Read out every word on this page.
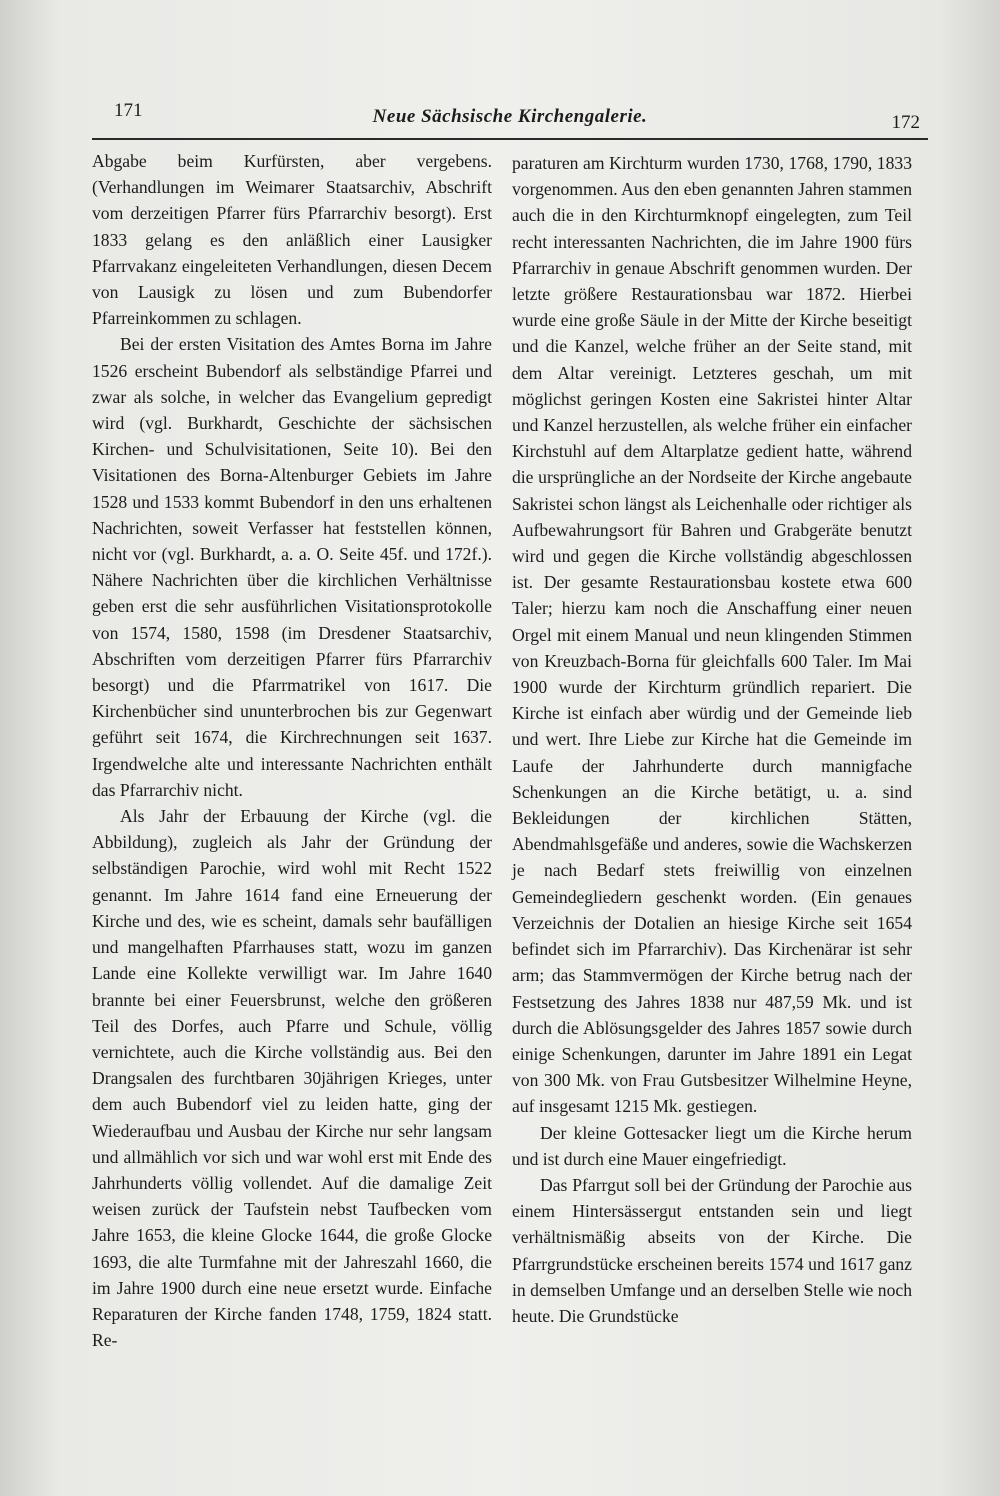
171	Neue Sächsische Kirchengalerie.	172

Abgabe beim Kurfürsten, aber vergebens. (Verhandlungen im Weimarer Staatsarchiv, Abschrift vom derzeitigen Pfarrer fürs Pfarrarchiv besorgt). Erst 1833 gelang es den anläßlich einer Lausigker Pfarrvakanz eingeleiteten Verhandlungen, diesen Decem von Lausigk zu lösen und zum Bubendorfer Pfarreinkommen zu schlagen.

Bei der ersten Visitation des Amtes Borna im Jahre 1526 erscheint Bubendorf als selbständige Pfarrei und zwar als solche, in welcher das Evangelium gepredigt wird (vgl. Burkhardt, Geschichte der sächsischen Kirchen- und Schulvisitationen, Seite 10). Bei den Visitationen des Borna-Altenburger Gebiets im Jahre 1528 und 1533 kommt Bubendorf in den uns erhaltenen Nachrichten, soweit Verfasser hat feststellen können, nicht vor (vgl. Burkhardt, a. a. O. Seite 45f. und 172f.). Nähere Nachrichten über die kirchlichen Verhältnisse geben erst die sehr ausführlichen Visitationsprotokolle von 1574, 1580, 1598 (im Dresdener Staatsarchiv, Abschriften vom derzeitigen Pfarrer fürs Pfarrarchiv besorgt) und die Pfarrmatrikel von 1617. Die Kirchenbücher sind ununterbrochen bis zur Gegenwart geführt seit 1674, die Kirchrechnungen seit 1637. Irgendwelche alte und interessante Nachrichten enthält das Pfarrarchiv nicht.

Als Jahr der Erbauung der Kirche (vgl. die Abbildung), zugleich als Jahr der Gründung der selbständigen Parochie, wird wohl mit Recht 1522 genannt. Im Jahre 1614 fand eine Erneuerung der Kirche und des, wie es scheint, damals sehr baufälligen und mangelhaften Pfarrhauses statt, wozu im ganzen Lande eine Kollekte verwilligt war. Im Jahre 1640 brannte bei einer Feuersbrunst, welche den größeren Teil des Dorfes, auch Pfarre und Schule, völlig vernichtete, auch die Kirche vollständig aus. Bei den Drangsalen des furchtbaren 30jährigen Krieges, unter dem auch Bubendorf viel zu leiden hatte, ging der Wiederaufbau und Ausbau der Kirche nur sehr langsam und allmählich vor sich und war wohl erst mit Ende des Jahrhunderts völlig vollendet. Auf die damalige Zeit weisen zurück der Taufstein nebst Taufbecken vom Jahre 1653, die kleine Glocke 1644, die große Glocke 1693, die alte Turmfahne mit der Jahreszahl 1660, die im Jahre 1900 durch eine neue ersetzt wurde. Einfache Reparaturen der Kirche fanden 1748, 1759, 1824 statt. Re-

paraturen am Kirchturm wurden 1730, 1768, 1790, 1833 vorgenommen. Aus den eben genannten Jahren stammen auch die in den Kirchturmknopf eingelegten, zum Teil recht interessanten Nachrichten, die im Jahre 1900 fürs Pfarrarchiv in genaue Abschrift genommen wurden. Der letzte größere Restaurationsbau war 1872. Hierbei wurde eine große Säule in der Mitte der Kirche beseitigt und die Kanzel, welche früher an der Seite stand, mit dem Altar vereinigt. Letzteres geschah, um mit möglichst geringen Kosten eine Sakristei hinter Altar und Kanzel herzustellen, als welche früher ein einfacher Kirchstuhl auf dem Altarplatze gedient hatte, während die ursprüngliche an der Nordseite der Kirche angebaute Sakristei schon längst als Leichenhalle oder richtiger als Aufbewahrungsort für Bahren und Grabgeräte benutzt wird und gegen die Kirche vollständig abgeschlossen ist. Der gesamte Restaurationsbau kostete etwa 600 Taler; hierzu kam noch die Anschaffung einer neuen Orgel mit einem Manual und neun klingenden Stimmen von Kreuzbach-Borna für gleichfalls 600 Taler. Im Mai 1900 wurde der Kirchturm gründlich repariert. Die Kirche ist einfach aber würdig und der Gemeinde lieb und wert. Ihre Liebe zur Kirche hat die Gemeinde im Laufe der Jahrhunderte durch mannigfache Schenkungen an die Kirche betätigt, u. a. sind Bekleidungen der kirchlichen Stätten, Abendmahlsgefäße und anderes, sowie die Wachskerzen je nach Bedarf stets freiwillig von einzelnen Gemeindegliedern geschenkt worden. (Ein genaues Verzeichnis der Dotalien an hiesige Kirche seit 1654 befindet sich im Pfarrarchiv). Das Kirchenärar ist sehr arm; das Stammvermögen der Kirche betrug nach der Festsetzung des Jahres 1838 nur 487,59 Mk. und ist durch die Ablösungsgelder des Jahres 1857 sowie durch einige Schenkungen, darunter im Jahre 1891 ein Legat von 300 Mk. von Frau Gutsbesitzer Wilhelmine Heyne, auf insgesamt 1215 Mk. gestiegen.

Der kleine Gottesacker liegt um die Kirche herum und ist durch eine Mauer eingefriedigt.

Das Pfarrgut soll bei der Gründung der Parochie aus einem Hintersässergut entstanden sein und liegt verhältnismäßig abseits von der Kirche. Die Pfarrgrundstücke erscheinen bereits 1574 und 1617 ganz in demselben Umfange und an derselben Stelle wie noch heute. Die Grundstücke
